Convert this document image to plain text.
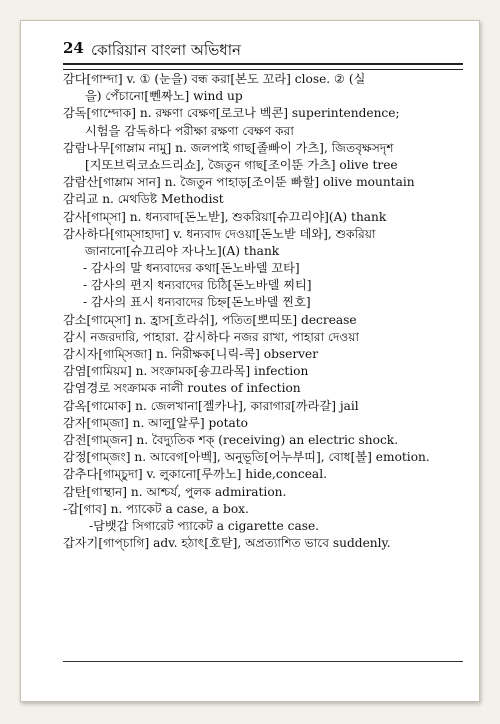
24 কোরিয়ান বাংলা অভিধান
감다[গাম্দা] v. ① (눈을) বন্ধ করা[본도 꼬라] close. ② (실
을) পেঁচানো[뻰짜노] wind up
감독[গাম্দোক] n. রক্ষণা বেক্ষণ[로코나 벡콘] superintendence;
시험을 감독하다 পরীক্ষা রক্ষণা বেক্ষণ করা
감람나무[গাম্লাম নামু] n. জলপাই গাছ[졸빠이 가츠], জিতবৃক্ষসদৃশ
[지또브릭코쇼드리쇼], জৈতুন গাছ[조이뚠 가츠] olive tree
감람산[গাম্লাম সান] n. জৈতুন পাহাড়[조이뚠 빠할] olive mountain
감리교 n. মেথডিষ্ট Methodist
감사[গাম্সা] n. ধন্যবাদ[돈노받], শুকরিয়া[슈끄리야](A) thank
감사하다[গাম্সাহাদা] v. ধন্যবাদ দেওয়া[돈노받 데와], শুকরিয়া
জানানো[슈끄리야 자나노](A) thank
- 감사의 말 ধন্যবাদের কথা[돈노바델 꼬타]
- 감사의 편지 ধন্যবাদের চিঠি[돈노바델 찌티]
- 감사의 표시 ধন্যবাদের চিহ্ন[돈노바델 찐호]
감소[গাম্সো] n. হ্রাস[흐라쉬], পতিত[뽀띠또] decrease
감시 নজরদারি, পাহারা. 감시하다 নজর রাখা, পাহারা দেওয়া
감시자[গাম্সিজা] n. নিরীক্ষক[니릭-콕] observer
감염[গামিয়ম] n. সংক্রামক[숑끄라목] infection
감염경로 সংক্রামক নালী routes of infection
감옥[গামোক] n. জেলখানা[젤카나], কারাগার[까라갈] jail
감자[গাম্জা] n. আলু[알루] potato
감전[গাম্জন] n. বৈদ্যুতিক শক্ (receiving) an electric shock.
감정[গাম্জং] n. আবেগ[아벡], অনুভূতি[어누부띠], বোধ[볼] emotion.
감추다[গাম্চুদা] v. লুকানো[루까노] hide,conceal.
감탄[গাম্থান] n. আশ্চর্য, পুলক admiration.
-갑[গাব] n. প্যাকেট a case, a box.
-담뱃갑 সিগারেট প্যাকেট a cigarette case.
갑자기[গাপ্চাগি] adv. হঠাৎ[호탇], অপ্রত্যাশিত ভাবে suddenly.
